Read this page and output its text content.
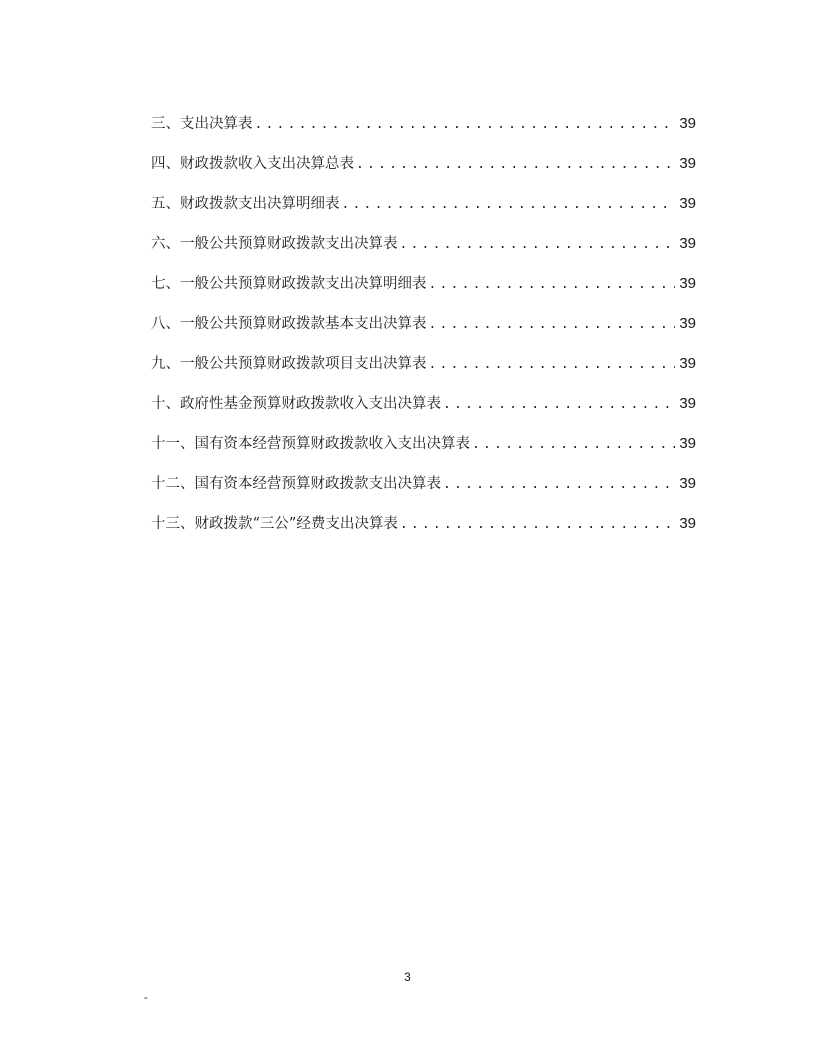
三、支出决算表 .....	39
四、财政拨款收入支出决算总表 .....	39
五、财政拨款支出决算明细表 .....	39
六、一般公共预算财政拨款支出决算表 .....	39
七、一般公共预算财政拨款支出决算明细表 .....	39
八、一般公共预算财政拨款基本支出决算表 .....	39
九、一般公共预算财政拨款项目支出决算表 .....	39
十、政府性基金预算财政拨款收入支出决算表 .....	39
十一、国有资本经营预算财政拨款收入支出决算表 .....	39
十二、国有资本经营预算财政拨款支出决算表 .....	39
十三、财政拨款“三公”经费支出决算表 .....	39
3
-
